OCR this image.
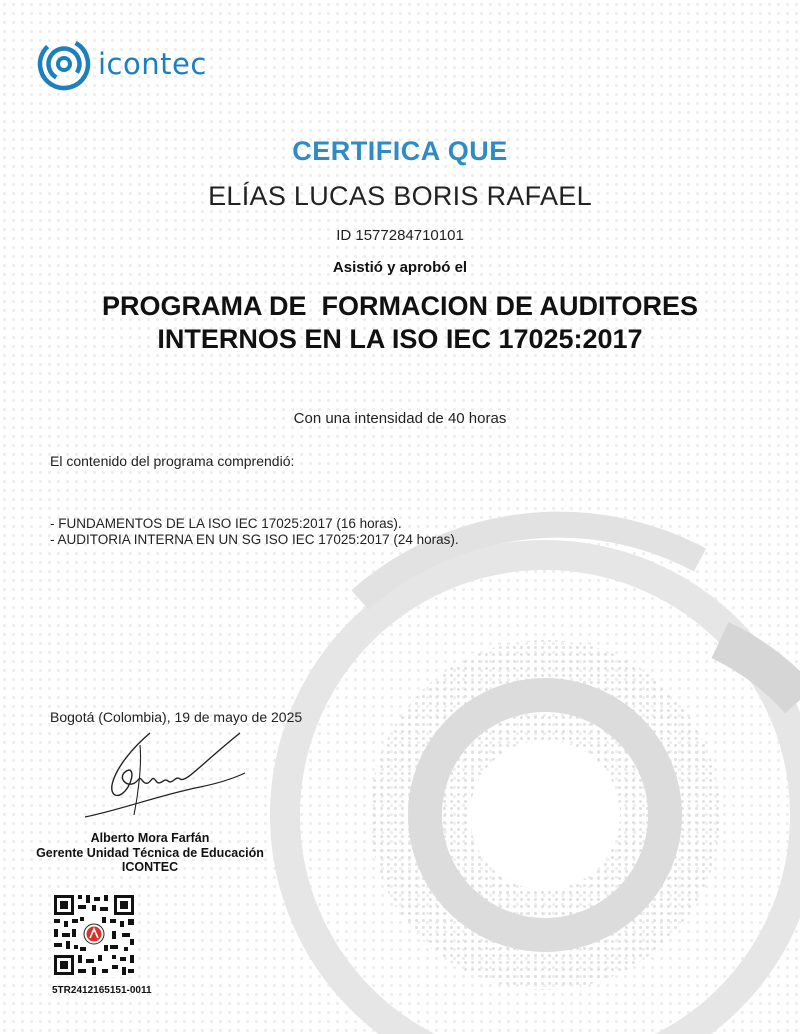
icontec
CERTIFICA QUE
ELÍAS LUCAS BORIS RAFAEL
ID 1577284710101
Asistió y aprobó el
PROGRAMA DE  FORMACION DE AUDITORES
INTERNOS EN LA ISO IEC 17025:2017
Con una intensidad de 40 horas
El contenido del programa comprendió:
- FUNDAMENTOS DE LA ISO IEC 17025:2017 (16 horas).
- AUDITORIA INTERNA EN UN SG ISO IEC 17025:2017 (24 horas).
Bogotá (Colombia), 19 de mayo de 2025
Alberto Mora Farfán
Gerente Unidad Técnica de Educación ICONTEC
5TR2412165151-0011
